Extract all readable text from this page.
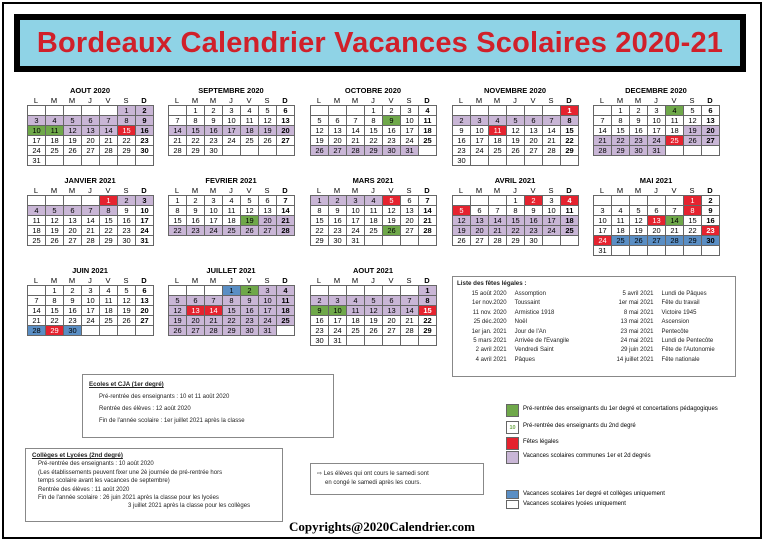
Bordeaux Calendrier Vacances Scolaires 2020-21
AOUT 2020
L	M	M	J	V	S	D
					1	2
3	4	5	6	7	8	9
10	11	12	13	14	15	16
17	18	19	20	21	22	23
24	25	26	27	28	29	30
31						
SEPTEMBRE 2020
L	M	M	J	V	S	D
	1	2	3	4	5	6
7	8	9	10	11	12	13
14	15	16	17	18	19	20
21	22	23	24	25	26	27
28	29	30				
OCTOBRE 2020
L	M	M	J	V	S	D
			1	2	3	4
5	6	7	8	9	10	11
12	13	14	15	16	17	18
19	20	21	22	23	24	25
26	27	28	29	30	31	
NOVEMBRE 2020
L	M	M	J	V	S	D
						1
2	3	4	5	6	7	8
9	10	11	12	13	14	15
16	17	18	19	20	21	22
23	24	25	26	27	28	29
30						
DECEMBRE 2020
L	M	M	J	V	S	D
	1	2	3	4	5	6
7	8	9	10	11	12	13
14	15	16	17	18	19	20
21	22	23	24	25	26	27
28	29	30	31			
JANVIER 2021
L	M	M	J	V	S	D
				1	2	3
4	5	6	7	8	9	10
11	12	13	14	15	16	17
18	19	20	21	22	23	24
25	26	27	28	29	30	31
FEVRIER 2021
L	M	M	J	V	S	D
1	2	3	4	5	6	7
8	9	10	11	12	13	14
15	16	17	18	19	20	21
22	23	24	25	26	27	28
MARS 2021
L	M	M	J	V	S	D
1	2	3	4	5	6	7
8	9	10	11	12	13	14
15	16	17	18	19	20	21
22	23	24	25	26	27	28
29	30	31				
AVRIL 2021
L	M	M	J	V	S	D
			1	2	3	4
5	6	7	8	9	10	11
12	13	14	15	16	17	18
19	20	21	22	23	24	25
26	27	28	29	30		
MAI 2021
L	M	M	J	V	S	D
					1	2
3	4	5	6	7	8	9
10	11	12	13	14	15	16
17	18	19	20	21	22	23
24	25	26	27	28	29	30
31						
JUIN 2021
L	M	M	J	V	S	D
	1	2	3	4	5	6
7	8	9	10	11	12	13
14	15	16	17	18	19	20
21	22	23	24	25	26	27
28	29	30				
JUILLET 2021
L	M	M	J	V	S	D
			1	2	3	4
5	6	7	8	9	10	11
12	13	14	15	16	17	18
19	20	21	22	23	24	25
26	27	28	29	30	31	
AOUT 2021
L	M	M	J	V	S	D
						1
2	3	4	5	6	7	8
9	10	11	12	13	14	15
16	17	18	19	20	21	22
23	24	25	26	27	28	29
30	31					
Liste des fêtes légales :
15 août 2020	Assomption	5 avril 2021	Lundi de Pâques
1er nov.2020	Toussaint	1er mai 2021	Fête du travail
11 nov. 2020	Armistice 1918	8 mai 2021	Victoire 1945
25 déc.2020	Noël	13 mai 2021	Ascension
1er jan. 2021	Jour de l'An	23 mai 2021	Pentecôte
5 mars 2021	Arrivée de l'Evangile	24 mai 2021	Lundi de Pentecôte
2 avril 2021	Vendredi Saint	29 juin 2021	Fête de l'Autonomie
4 avril 2021	Pâques	14 juillet 2021	Fête nationale
Ecoles et CJA (1er degré)
Pré-rentrée des enseignants : 10 et 11 août 2020
Rentrée des élèves : 12 août 2020
Fin de l'année scolaire : 1er juillet 2021 après la classe
Collèges et Lycées (2nd degré)
Pré-rentrée des enseignants : 10 août 2020
(Les établissements peuvent fixer une 2è journée de pré-rentrée hors
temps scolaire avant les vacances de septembre)
Rentrée des élèves : 11 août 2020
Fin de l'année scolaire : 26 juin 2021 après la classe pour les lycées
3 juillet 2021 après la classe pour les collèges
⇨ Les élèves qui ont cours le samedi sont
en congé le samedi après les cours.
Pré-rentrée des enseignants du 1er degré et concertations pédagogiques
10	Pré-rentrée des enseignants du 2nd degré
Fêtes légales
Vacances scolaires communes 1er et 2d degrés
Vacances scolaires 1er degré et collèges uniquement
Vacances scolaires lycées uniquement
Copyrights@2020Calendrier.com
